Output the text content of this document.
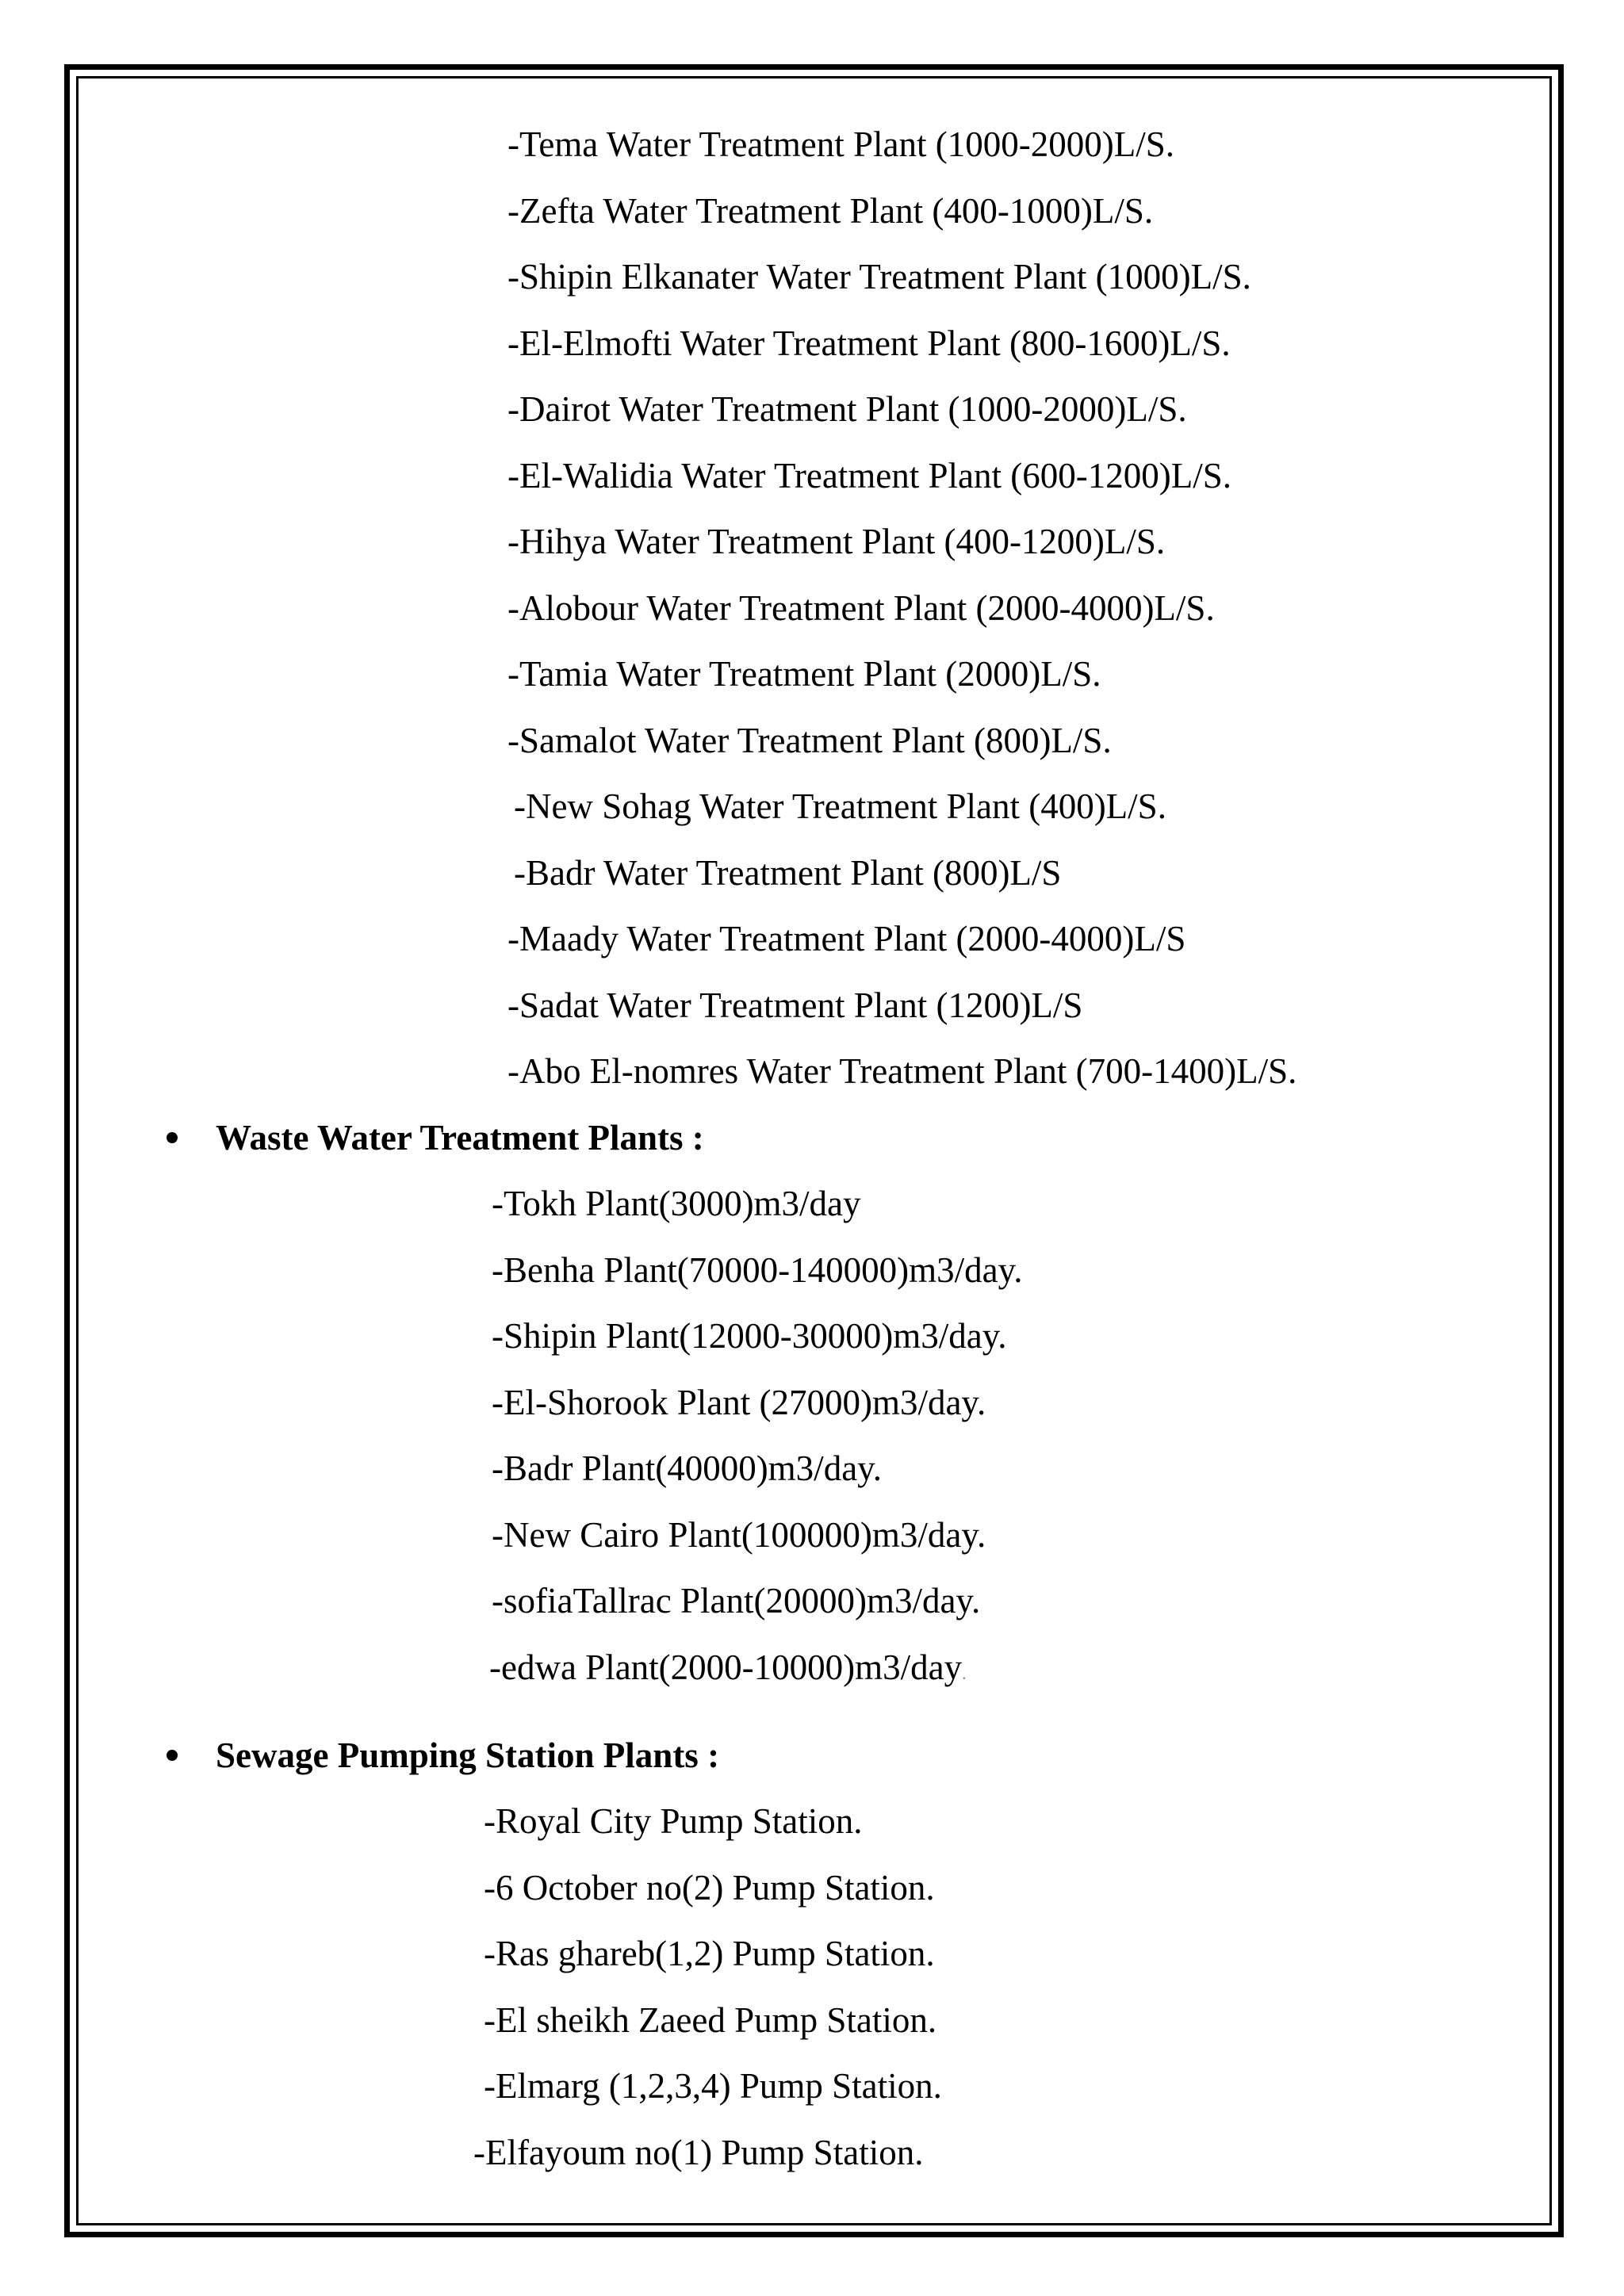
-Tema Water Treatment Plant (1000-2000)L/S.
-Zefta Water Treatment Plant (400-1000)L/S.
-Shipin Elkanater Water Treatment Plant (1000)L/S.
-El-Elmofti Water Treatment Plant (800-1600)L/S.
-Dairot Water Treatment Plant (1000-2000)L/S.
-El-Walidia Water Treatment Plant (600-1200)L/S.
-Hihya Water Treatment Plant (400-1200)L/S.
-Alobour Water Treatment Plant (2000-4000)L/S.
-Tamia Water Treatment Plant (2000)L/S.
-Samalot Water Treatment Plant (800)L/S.
-New Sohag Water Treatment Plant (400)L/S.
-Badr Water Treatment Plant (800)L/S
-Maady Water Treatment Plant (2000-4000)L/S
-Sadat Water Treatment Plant (1200)L/S
-Abo El-nomres Water Treatment Plant (700-1400)L/S.
Waste Water Treatment Plants :
-Tokh Plant(3000)m3/day
-Benha Plant(70000-140000)m3/day.
-Shipin Plant(12000-30000)m3/day.
-El-Shorook Plant (27000)m3/day.
-Badr Plant(40000)m3/day.
-New Cairo Plant(100000)m3/day.
-sofiaTallrac Plant(20000)m3/day.
-edwa Plant(2000-10000)m3/day.
Sewage Pumping Station Plants :
-Royal City Pump Station.
-6 October no(2) Pump Station.
-Ras ghareb(1,2) Pump Station.
-El sheikh Zaeed Pump Station.
-Elmarg (1,2,3,4) Pump Station.
-Elfayoum no(1) Pump Station.
